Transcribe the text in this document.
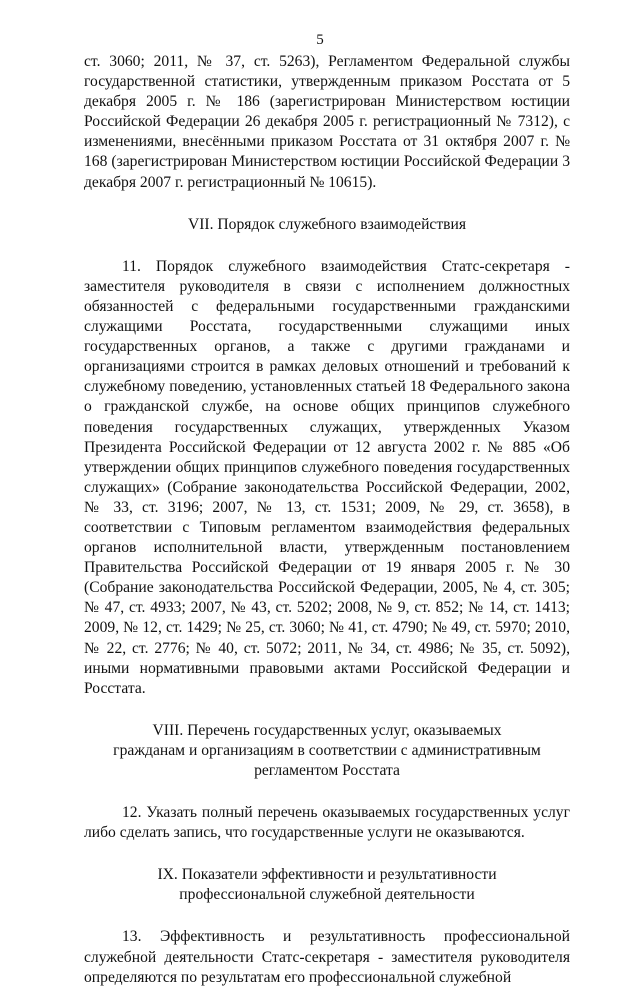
5

ст. 3060; 2011, № 37, ст. 5263), Регламентом Федеральной службы государственной статистики, утвержденным приказом Росстата от 5 декабря 2005 г. № 186 (зарегистрирован Министерством юстиции Российской Федерации 26 декабря 2005 г. регистрационный № 7312), с изменениями, внесёнными приказом Росстата от 31 октября 2007 г. № 168 (зарегистрирован Министерством юстиции Российской Федерации 3 декабря 2007 г. регистрационный № 10615).

VII. Порядок служебного взаимодействия

11. Порядок служебного взаимодействия Статс-секретаря - заместителя руководителя в связи с исполнением должностных обязанностей с федеральными государственными гражданскими служащими Росстата, государственными служащими иных государственных органов, а также с другими гражданами и организациями строится в рамках деловых отношений и требований к служебному поведению, установленных статьей 18 Федерального закона о гражданской службе, на основе общих принципов служебного поведения государственных служащих, утвержденных Указом Президента Российской Федерации от 12 августа 2002 г. № 885 «Об утверждении общих принципов служебного поведения государственных служащих» (Собрание законодательства Российской Федерации, 2002, № 33, ст. 3196; 2007, № 13, ст. 1531; 2009, № 29, ст. 3658), в соответствии с Типовым регламентом взаимодействия федеральных органов исполнительной власти, утвержденным постановлением Правительства Российской Федерации от 19 января 2005 г. № 30 (Собрание законодательства Российской Федерации, 2005, № 4, ст. 305; № 47, ст. 4933; 2007, № 43, ст. 5202; 2008, № 9, ст. 852; № 14, ст. 1413; 2009, № 12, ст. 1429; № 25, ст. 3060; № 41, ст. 4790; № 49, ст. 5970; 2010, № 22, ст. 2776; № 40, ст. 5072; 2011, № 34, ст. 4986; № 35, ст. 5092), иными нормативными правовыми актами Российской Федерации и Росстата.

VIII. Перечень государственных услуг, оказываемых
гражданам и организациям в соответствии с административным
регламентом Росстата

12. Указать полный перечень оказываемых государственных услуг либо сделать запись, что государственные услуги не оказываются.

IX. Показатели эффективности и результативности
профессиональной служебной деятельности

13. Эффективность и результативность профессиональной служебной деятельности Статс-секретаря - заместителя руководителя определяются по результатам его профессиональной служебной
